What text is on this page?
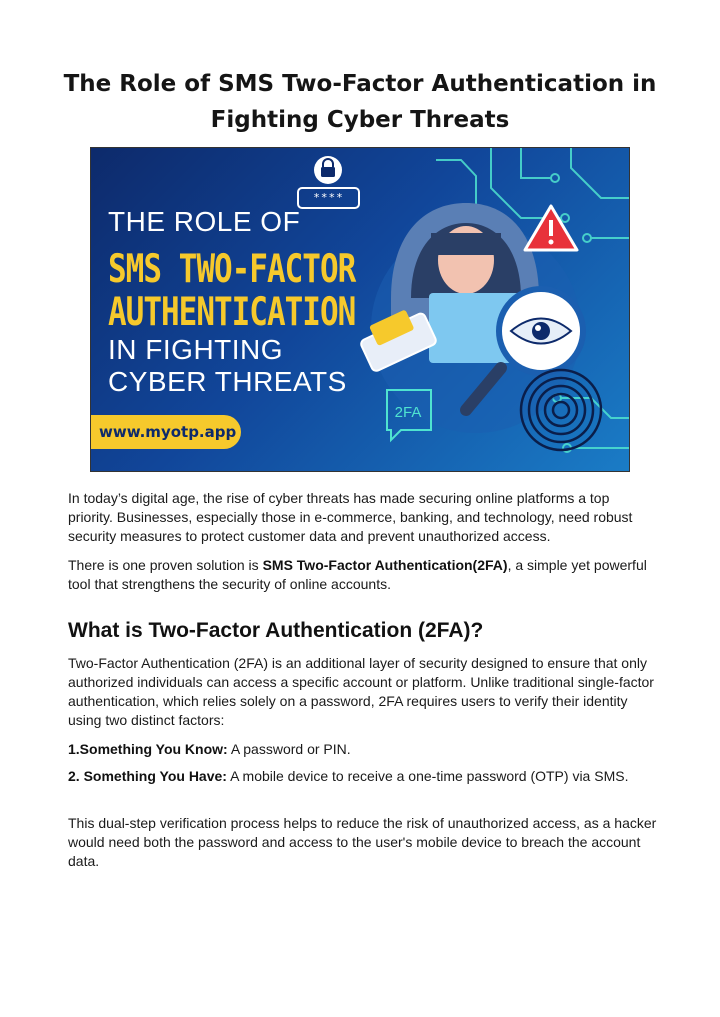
The Role of SMS Two-Factor Authentication in Fighting Cyber Threats
****
THE ROLE OF
SMS TWO-FACTOR
AUTHENTICATION
IN FIGHTING
CYBER THREATS
www.myotp.app
2FA

In today’s digital age, the rise of cyber threats has made securing online platforms a top priority. Businesses, especially those in e-commerce, banking, and technology, need robust security measures to protect customer data and prevent unauthorized access.

There is one proven solution is SMS Two-Factor Authentication(2FA), a simple yet powerful tool that strengthens the security of online accounts.

What is Two-Factor Authentication (2FA)?

Two-Factor Authentication (2FA) is an additional layer of security designed to ensure that only authorized individuals can access a specific account or platform. Unlike traditional single-factor authentication, which relies solely on a password, 2FA requires users to verify their identity using two distinct factors:

1.Something You Know: A password or PIN.

2. Something You Have: A mobile device to receive a one-time password (OTP) via SMS.

This dual-step verification process helps to reduce the risk of unauthorized access, as a hacker would need both the password and access to the user's mobile device to breach the account data.
